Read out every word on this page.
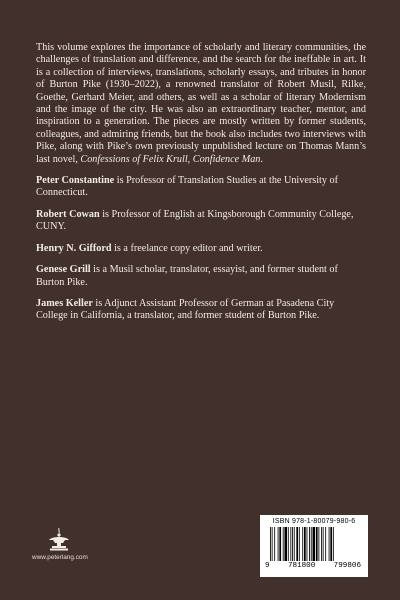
This volume explores the importance of scholarly and literary communities, the challenges of translation and difference, and the search for the ineffable in art. It is a collection of interviews, translations, scholarly essays, and tributes in honor of Burton Pike (1930–2022), a renowned translator of Robert Musil, Rilke, Goethe, Gerhard Meier, and others, as well as a scholar of literary Modernism and the image of the city. He was also an extraordinary teacher, mentor, and inspiration to a generation. The pieces are mostly written by former students, colleagues, and admiring friends, but the book also includes two interviews with Pike, along with Pike’s own previously unpublished lecture on Thomas Mann’s last novel, Confessions of Felix Krull, Confidence Man.

Peter Constantine is Professor of Translation Studies at the University of Connecticut.

Robert Cowan is Professor of English at Kingsborough Community College, CUNY.

Henry N. Gifford is a freelance copy editor and writer.

Genese Grill is a Musil scholar, translator, essayist, and former student of Burton Pike.

James Keller is Adjunct Assistant Professor of German at Pasadena City College in California, a translator, and former student of Burton Pike.

www.peterlang.com
ISBN 978-1-80079-980-6
9 781800 799806
